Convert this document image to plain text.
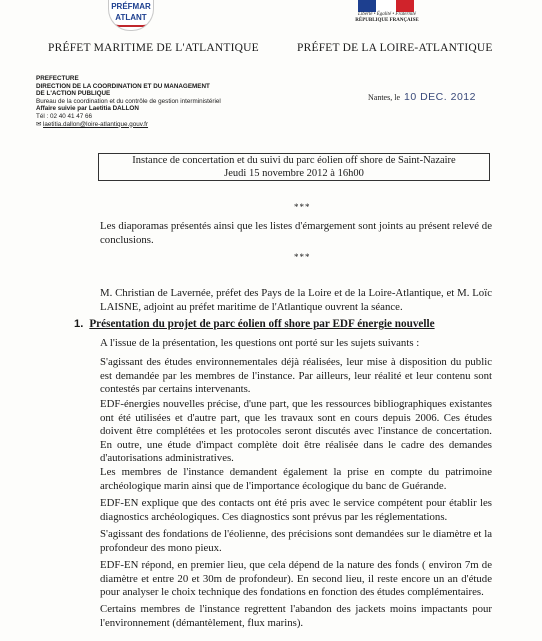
PRÉFMAR
ATLANT	Liberté • Égalité • Fraternité
RÉPUBLIQUE FRANÇAISE
PRÉFET MARITIME DE L'ATLANTIQUE	PRÉFET DE LA LOIRE-ATLANTIQUE
PREFECTURE
DIRECTION DE LA COORDINATION ET DU MANAGEMENT
DE L'ACTION PUBLIQUE
Bureau de la coordination et du contrôle de gestion interministériel
Affaire suivie par Laetitia DALLON
Tél : 02 40 41 47 66
✉ laetitia.dallon@loire-atlantique.gouv.fr
Nantes, le 10 DEC. 2012
Instance de concertation et du suivi du parc éolien off shore de Saint-Nazaire
Jeudi 15 novembre 2012 à 16h00
***
Les diaporamas présentés ainsi que les listes d'émargement sont joints au présent relevé de conclusions.
***
M. Christian de Lavernée, préfet des Pays de la Loire et de la Loire-Atlantique, et M. Loïc LAISNE, adjoint au préfet maritime de l'Atlantique ouvrent la séance.
1. Présentation du projet de parc éolien off shore par EDF énergie nouvelle
A l'issue de la présentation, les questions ont porté sur les sujets suivants :
S'agissant des études environnementales déjà réalisées, leur mise à disposition du public est demandée par les membres de l'instance. Par ailleurs, leur réalité et leur contenu sont contestés par certains intervenants.
EDF-énergies nouvelles précise, d'une part, que les ressources bibliographiques existantes ont été utilisées et d'autre part, que les travaux sont en cours depuis 2006. Ces études doivent être complétées et les protocoles seront discutés avec l'instance de concertation. En outre, une étude d'impact complète doit être réalisée dans le cadre des demandes d'autorisations administratives.
Les membres de l'instance demandent également la prise en compte du patrimoine archéologique marin ainsi que de l'importance écologique du banc de Guérande.
EDF-EN explique que des contacts ont été pris avec le service compétent pour établir les diagnostics archéologiques. Ces diagnostics sont prévus par les réglementations.
S'agissant des fondations de l'éolienne, des précisions sont demandées sur le diamètre et la profondeur des mono pieux.
EDF-EN répond, en premier lieu, que cela dépend de la nature des fonds ( environ 7m de diamètre et entre 20 et 30m de profondeur). En second lieu, il reste encore un an d'étude pour analyser le choix technique des fondations en fonction des études complémentaires.
Certains membres de l'instance regrettent l'abandon des jackets moins impactants pour l'environnement (démantèlement, flux marins).
